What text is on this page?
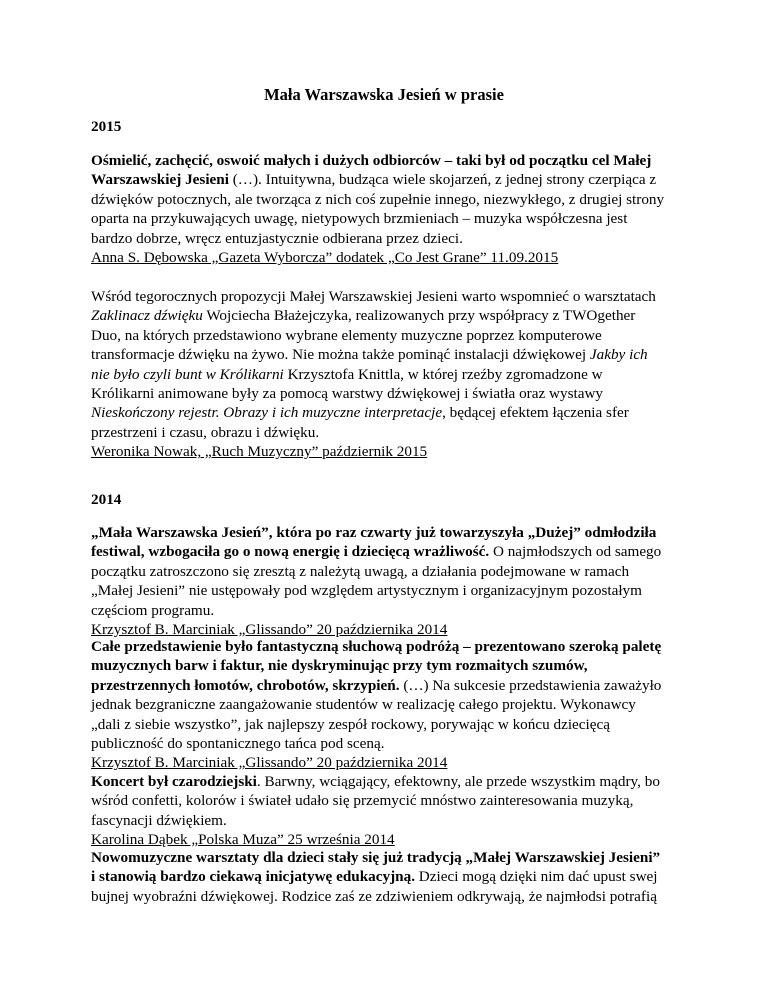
Mała Warszawska Jesień w prasie
2015
Ośmielić, zachęcić, oswoić małych i dużych odbiorców – taki był od początku cel Małej
Warszawskiej Jesieni (…). Intuitywna, budząca wiele skojarzeń, z jednej strony czerpiąca z
dźwięków potocznych, ale tworząca z nich coś zupełnie innego, niezwykłego, z drugiej strony
oparta na przykuwających uwagę, nietypowych brzmieniach – muzyka współczesna jest
bardzo dobrze, wręcz entuzjastycznie odbierana przez dzieci.
Anna S. Dębowska „Gazeta Wyborcza” dodatek „Co Jest Grane” 11.09.2015
Wśród tegorocznych propozycji Małej Warszawskiej Jesieni warto wspomnieć o warsztatach
Zaklinacz dźwięku Wojciecha Błażejczyka, realizowanych przy współpracy z TWOgether
Duo, na których przedstawiono wybrane elementy muzyczne poprzez komputerowe
transformacje dźwięku na żywo. Nie można także pominąć instalacji dźwiękowej Jakby ich
nie było czyli bunt w Królikarni Krzysztofa Knittla, w której rzeźby zgromadzone w
Królikarni animowane były za pomocą warstwy dźwiękowej i światła oraz wystawy
Nieskończony rejestr. Obrazy i ich muzyczne interpretacje, będącej efektem łączenia sfer
przestrzeni i czasu, obrazu i dźwięku.
Weronika Nowak, „Ruch Muzyczny” październik 2015
2014
„Mała Warszawska Jesień”, która po raz czwarty już towarzyszyła „Dużej” odmłodziła
festiwal, wzbogaciła go o nową energię i dziecięcą wrażliwość. O najmłodszych od samego
początku zatroszczono się zresztą z należytą uwagą, a działania podejmowane w ramach
„Małej Jesieni” nie ustępowały pod względem artystycznym i organizacyjnym pozostałym
częściom programu.
Krzysztof B. Marciniak „Glissando” 20 października 2014
Całe przedstawienie było fantastyczną słuchową podróżą – prezentowano szeroką paletę
muzycznych barw i faktur, nie dyskryminując przy tym rozmaitych szumów,
przestrzennych łomotów, chrobotów, skrzypień. (…) Na sukcesie przedstawienia zaważyło
jednak bezgraniczne zaangażowanie studentów w realizację całego projektu. Wykonawcy
„dali z siebie wszystko”, jak najlepszy zespół rockowy, porywając w końcu dziecięcą
publiczność do spontanicznego tańca pod sceną.
Krzysztof B. Marciniak „Glissando” 20 października 2014
Koncert był czarodziejski. Barwny, wciągający, efektowny, ale przede wszystkim mądry, bo
wśród confetti, kolorów i świateł udało się przemycić mnóstwo zainteresowania muzyką,
fascynacji dźwiękiem.
Karolina Dąbek „Polska Muza” 25 września 2014
Nowomuzyczne warsztaty dla dzieci stały się już tradycją „Małej Warszawskiej Jesieni”
i stanowią bardzo ciekawą inicjatywę edukacyjną. Dzieci mogą dzięki nim dać upust swej
bujnej wyobraźni dźwiękowej. Rodzice zaś ze zdziwieniem odkrywają, że najmłodsi potrafią
